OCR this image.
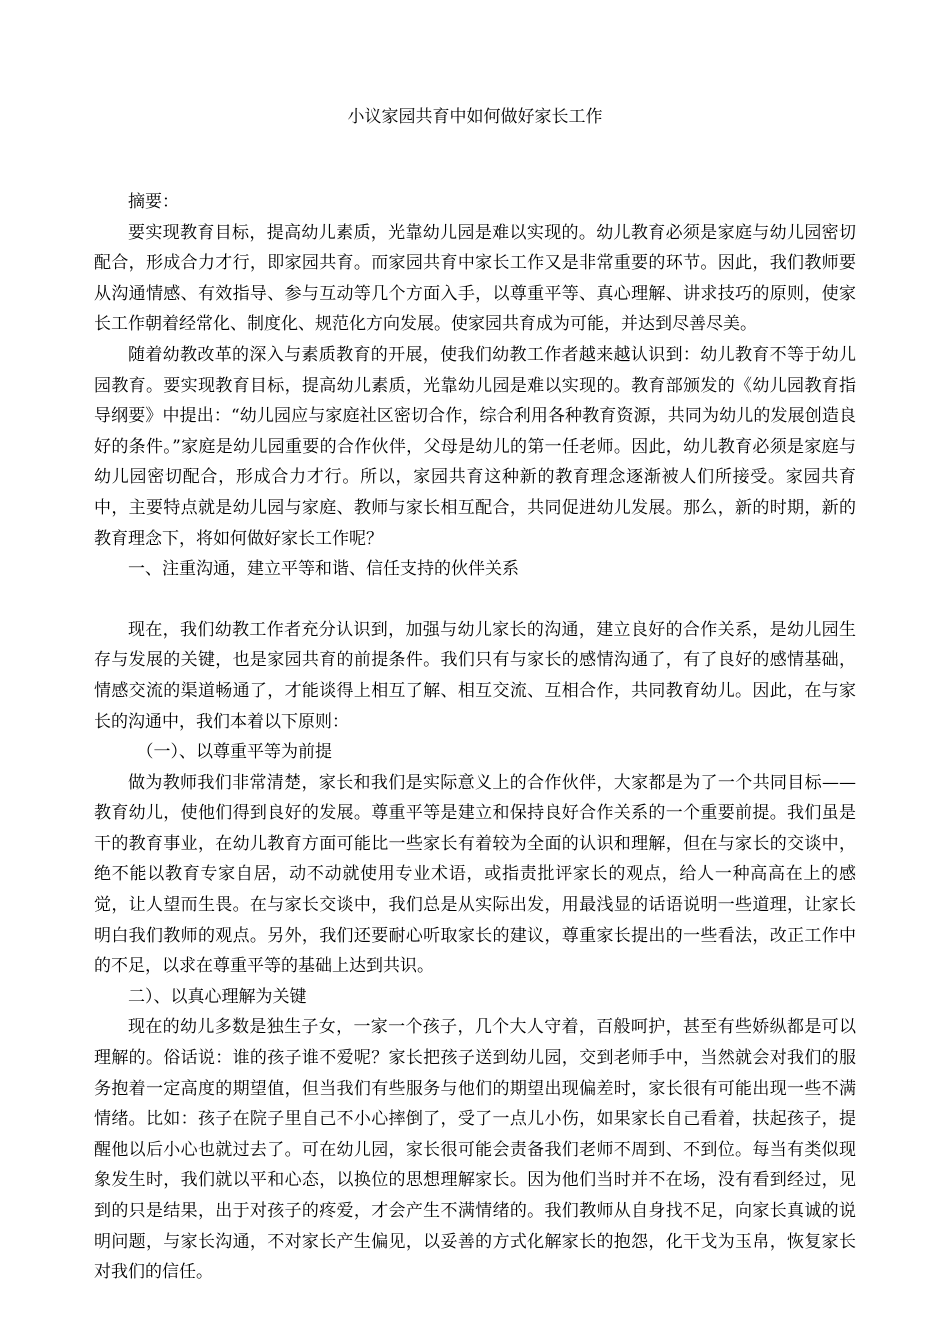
小议家园共育中如何做好家长工作

摘要：

要实现教育目标，提高幼儿素质，光靠幼儿园是难以实现的。幼儿教育必须是家庭与幼儿园密切配合，形成合力才行，即家园共育。而家园共育中家长工作又是非常重要的环节。因此，我们教师要从沟通情感、有效指导、参与互动等几个方面入手，以尊重平等、真心理解、讲求技巧的原则，使家长工作朝着经常化、制度化、规范化方向发展。使家园共育成为可能，并达到尽善尽美。

随着幼教改革的深入与素质教育的开展，使我们幼教工作者越来越认识到：幼儿教育不等于幼儿园教育。要实现教育目标，提高幼儿素质，光靠幼儿园是难以实现的。教育部颁发的《幼儿园教育指导纲要》中提出：“幼儿园应与家庭社区密切合作，综合利用各种教育资源，共同为幼儿的发展创造良好的条件。”家庭是幼儿园重要的合作伙伴，父母是幼儿的第一任老师。因此，幼儿教育必须是家庭与幼儿园密切配合，形成合力才行。所以，家园共育这种新的教育理念逐渐被人们所接受。家园共育中，主要特点就是幼儿园与家庭、教师与家长相互配合，共同促进幼儿发展。那么，新的时期，新的教育理念下，将如何做好家长工作呢？

一、注重沟通，建立平等和谐、信任支持的伙伴关系

现在，我们幼教工作者充分认识到，加强与幼儿家长的沟通，建立良好的合作关系，是幼儿园生存与发展的关键，也是家园共育的前提条件。我们只有与家长的感情沟通了，有了良好的感情基础，情感交流的渠道畅通了，才能谈得上相互了解、相互交流、互相合作，共同教育幼儿。因此，在与家长的沟通中，我们本着以下原则：

（一）、以尊重平等为前提

做为教师我们非常清楚，家长和我们是实际意义上的合作伙伴，大家都是为了一个共同目标——教育幼儿，使他们得到良好的发展。尊重平等是建立和保持良好合作关系的一个重要前提。我们虽是干的教育事业，在幼儿教育方面可能比一些家长有着较为全面的认识和理解，但在与家长的交谈中，绝不能以教育专家自居，动不动就使用专业术语，或指责批评家长的观点，给人一种高高在上的感觉，让人望而生畏。在与家长交谈中，我们总是从实际出发，用最浅显的话语说明一些道理，让家长明白我们教师的观点。另外，我们还要耐心听取家长的建议，尊重家长提出的一些看法，改正工作中的不足，以求在尊重平等的基础上达到共识。

二）、以真心理解为关键

现在的幼儿多数是独生子女，一家一个孩子，几个大人守着，百般呵护，甚至有些娇纵都是可以理解的。俗话说：谁的孩子谁不爱呢？家长把孩子送到幼儿园，交到老师手中，当然就会对我们的服务抱着一定高度的期望值，但当我们有些服务与他们的期望出现偏差时，家长很有可能出现一些不满情绪。比如：孩子在院子里自己不小心摔倒了，受了一点儿小伤，如果家长自己看着，扶起孩子，提醒他以后小心也就过去了。可在幼儿园，家长很可能会责备我们老师不周到、不到位。每当有类似现象发生时，我们就以平和心态，以换位的思想理解家长。因为他们当时并不在场，没有看到经过，见到的只是结果，出于对孩子的疼爱，才会产生不满情绪的。我们教师从自身找不足，向家长真诚的说明问题，与家长沟通，不对家长产生偏见，以妥善的方式化解家长的抱怨，化干戈为玉帛，恢复家长对我们的信任。
